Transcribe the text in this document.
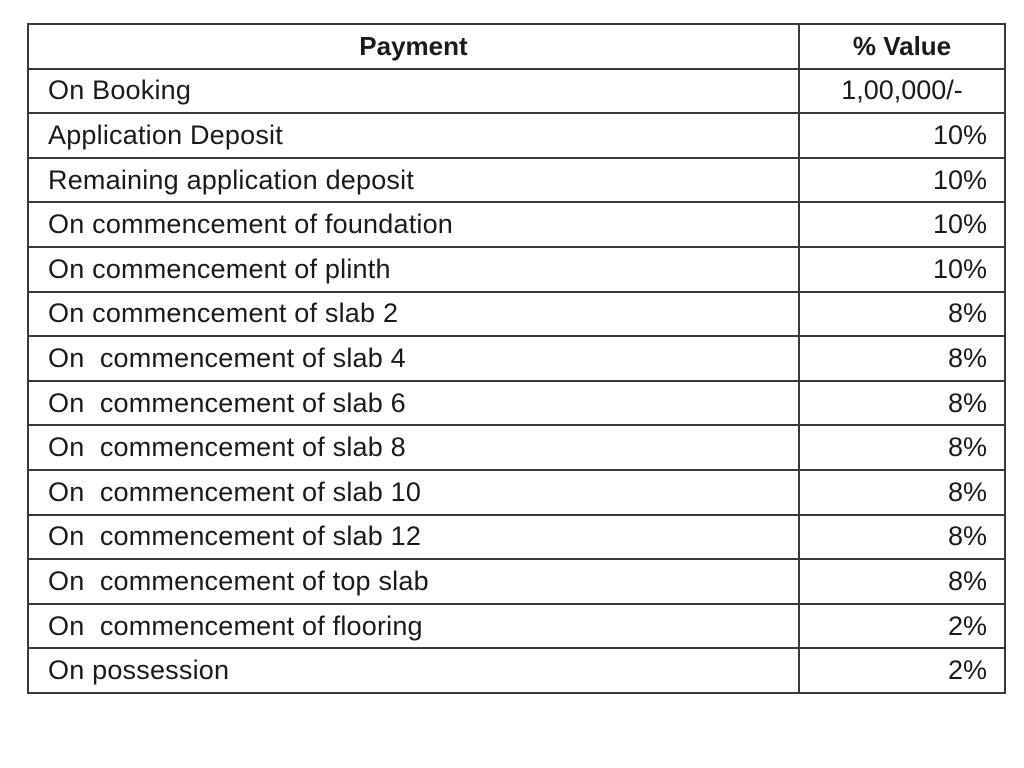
Payment	% Value
On Booking	1,00,000/-
Application Deposit	10%
Remaining application deposit	10%
On commencement of foundation	10%
On commencement of plinth	10%
On commencement of slab 2	8%
On  commencement of slab 4	8%
On  commencement of slab 6	8%
On  commencement of slab 8	8%
On  commencement of slab 10	8%
On  commencement of slab 12	8%
On  commencement of top slab	8%
On  commencement of flooring	2%
On possession	2%
